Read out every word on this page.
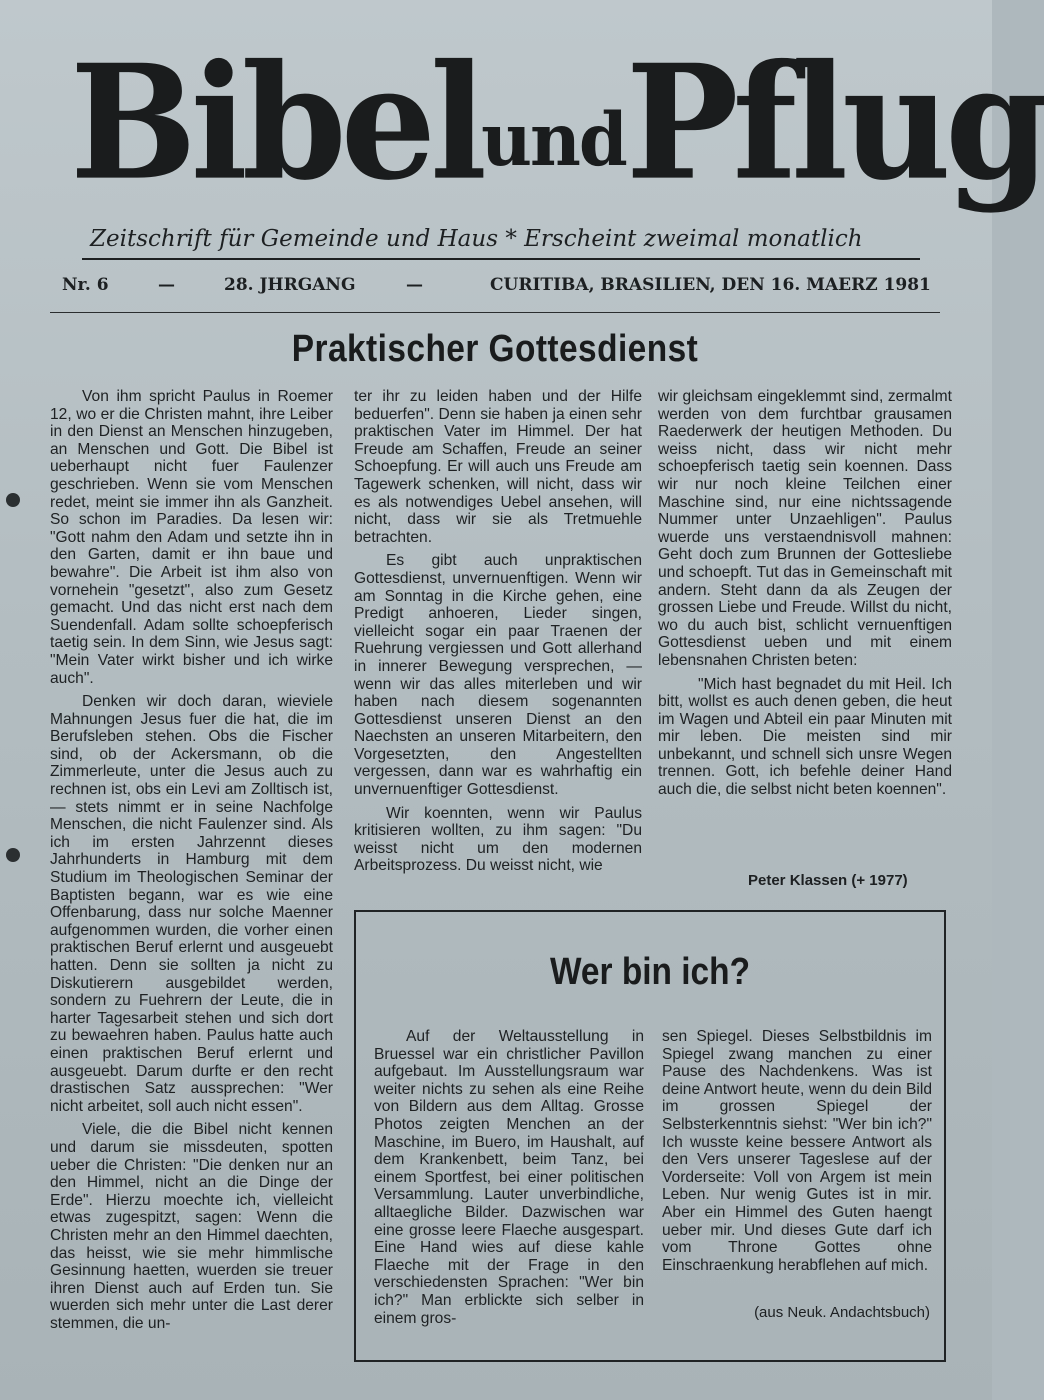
BibelundPflug
Zeitschrift für Gemeinde und Haus * Erscheint zweimal monatlich
Nr. 6	—	28. JHRGANG	—	CURITIBA, BRASILIEN, DEN 16. MAERZ 1981
Praktischer Gottesdienst

Von ihm spricht Paulus in Roemer 12, wo er die Christen mahnt, ihre Leiber in den Dienst an Menschen hinzugeben, an Menschen und Gott. Die Bibel ist ueberhaupt nicht fuer Faulenzer geschrieben. Wenn sie vom Menschen redet, meint sie immer ihn als Ganzheit. So schon im Paradies. Da lesen wir: "Gott nahm den Adam und setzte ihn in den Garten, damit er ihn baue und bewahre". Die Arbeit ist ihm also von vornehein "gesetzt", also zum Gesetz gemacht. Und das nicht erst nach dem Suendenfall. Adam sollte schoepferisch taetig sein. In dem Sinn, wie Jesus sagt: "Mein Vater wirkt bisher und ich wirke auch".

Denken wir doch daran, wieviele Mahnungen Jesus fuer die hat, die im Berufsleben stehen. Obs die Fischer sind, ob der Ackersmann, ob die Zimmerleute, unter die Jesus auch zu rechnen ist, obs ein Levi am Zolltisch ist, — stets nimmt er in seine Nachfolge Menschen, die nicht Faulenzer sind. Als ich im ersten Jahrzennt dieses Jahrhunderts in Hamburg mit dem Studium im Theologischen Seminar der Baptisten begann, war es wie eine Offenbarung, dass nur solche Maenner aufgenommen wurden, die vorher einen praktischen Beruf erlernt und ausgeuebt hatten. Denn sie sollten ja nicht zu Diskutierern ausgebildet werden, sondern zu Fuehrern der Leute, die in harter Tagesarbeit stehen und sich dort zu bewaehren haben. Paulus hatte auch einen praktischen Beruf erlernt und ausgeuebt. Darum durfte er den recht drastischen Satz aussprechen: "Wer nicht arbeitet, soll auch nicht essen".

Viele, die die Bibel nicht kennen und darum sie missdeuten, spotten ueber die Christen: "Die denken nur an den Himmel, nicht an die Dinge der Erde". Hierzu moechte ich, vielleicht etwas zugespitzt, sagen: Wenn die Christen mehr an den Himmel daechten, das heisst, wie sie mehr himmlische Gesinnung haetten, wuerden sie treuer ihren Dienst auch auf Erden tun. Sie wuerden sich mehr unter die Last derer stemmen, die un-

ter ihr zu leiden haben und der Hilfe beduerfen". Denn sie haben ja einen sehr praktischen Vater im Himmel. Der hat Freude am Schaffen, Freude an seiner Schoepfung. Er will auch uns Freude am Tagewerk schenken, will nicht, dass wir es als notwendiges Uebel ansehen, will nicht, dass wir sie als Tretmuehle betrachten.

Es gibt auch unpraktischen Gottesdienst, unvernuenftigen. Wenn wir am Sonntag in die Kirche gehen, eine Predigt anhoeren, Lieder singen, vielleicht sogar ein paar Traenen der Ruehrung vergiessen und Gott allerhand in innerer Bewegung versprechen, — wenn wir das alles miterleben und wir haben nach diesem sogenannten Gottesdienst unseren Dienst an den Naechsten an unseren Mitarbeitern, den Vorgesetzten, den Angestellten vergessen, dann war es wahrhaftig ein unvernuenftiger Gottesdienst.

Wir koennten, wenn wir Paulus kritisieren wollten, zu ihm sagen: "Du weisst nicht um den modernen Arbeitsprozess. Du weisst nicht, wie

wir gleichsam eingeklemmt sind, zermalmt werden von dem furchtbar grausamen Raederwerk der heutigen Methoden. Du weiss nicht, dass wir nicht mehr schoepferisch taetig sein koennen. Dass wir nur noch kleine Teilchen einer Maschine sind, nur eine nichtssagende Nummer unter Unzaehligen". Paulus wuerde uns verstaendnisvoll mahnen: Geht doch zum Brunnen der Gottesliebe und schoepft. Tut das in Gemeinschaft mit andern. Steht dann da als Zeugen der grossen Liebe und Freude. Willst du nicht, wo du auch bist, schlicht vernuenftigen Gottesdienst ueben und mit einem lebensnahen Christen beten:

"Mich hast begnadet du mit Heil. Ich bitt, wollst es auch denen geben, die heut im Wagen und Abteil ein paar Minuten mit mir leben. Die meisten sind mir unbekannt, und schnell sich unsre Wegen trennen. Gott, ich befehle deiner Hand auch die, die selbst nicht beten koennen".

Peter Klassen (+ 1977)
Wer bin ich?

Auf der Weltausstellung in Bruessel war ein christlicher Pavillon aufgebaut. Im Ausstellungsraum war weiter nichts zu sehen als eine Reihe von Bildern aus dem Alltag. Grosse Photos zeigten Menchen an der Maschine, im Buero, im Haushalt, auf dem Krankenbett, beim Tanz, bei einem Sportfest, bei einer politischen Versammlung. Lauter unverbindliche, alltaegliche Bilder. Dazwischen war eine grosse leere Flaeche ausgespart. Eine Hand wies auf diese kahle Flaeche mit der Frage in den verschiedensten Sprachen: "Wer bin ich?" Man erblickte sich selber in einem gros-

sen Spiegel. Dieses Selbstbildnis im Spiegel zwang manchen zu einer Pause des Nachdenkens. Was ist deine Antwort heute, wenn du dein Bild im grossen Spiegel der Selbsterkenntnis siehst: "Wer bin ich?" Ich wusste keine bessere Antwort als den Vers unserer Tageslese auf der Vorderseite: Voll von Argem ist mein Leben. Nur wenig Gutes ist in mir. Aber ein Himmel des Guten haengt ueber mir. Und dieses Gute darf ich vom Throne Gottes ohne Einschraenkung herabflehen auf mich.

(aus Neuk. Andachtsbuch)
